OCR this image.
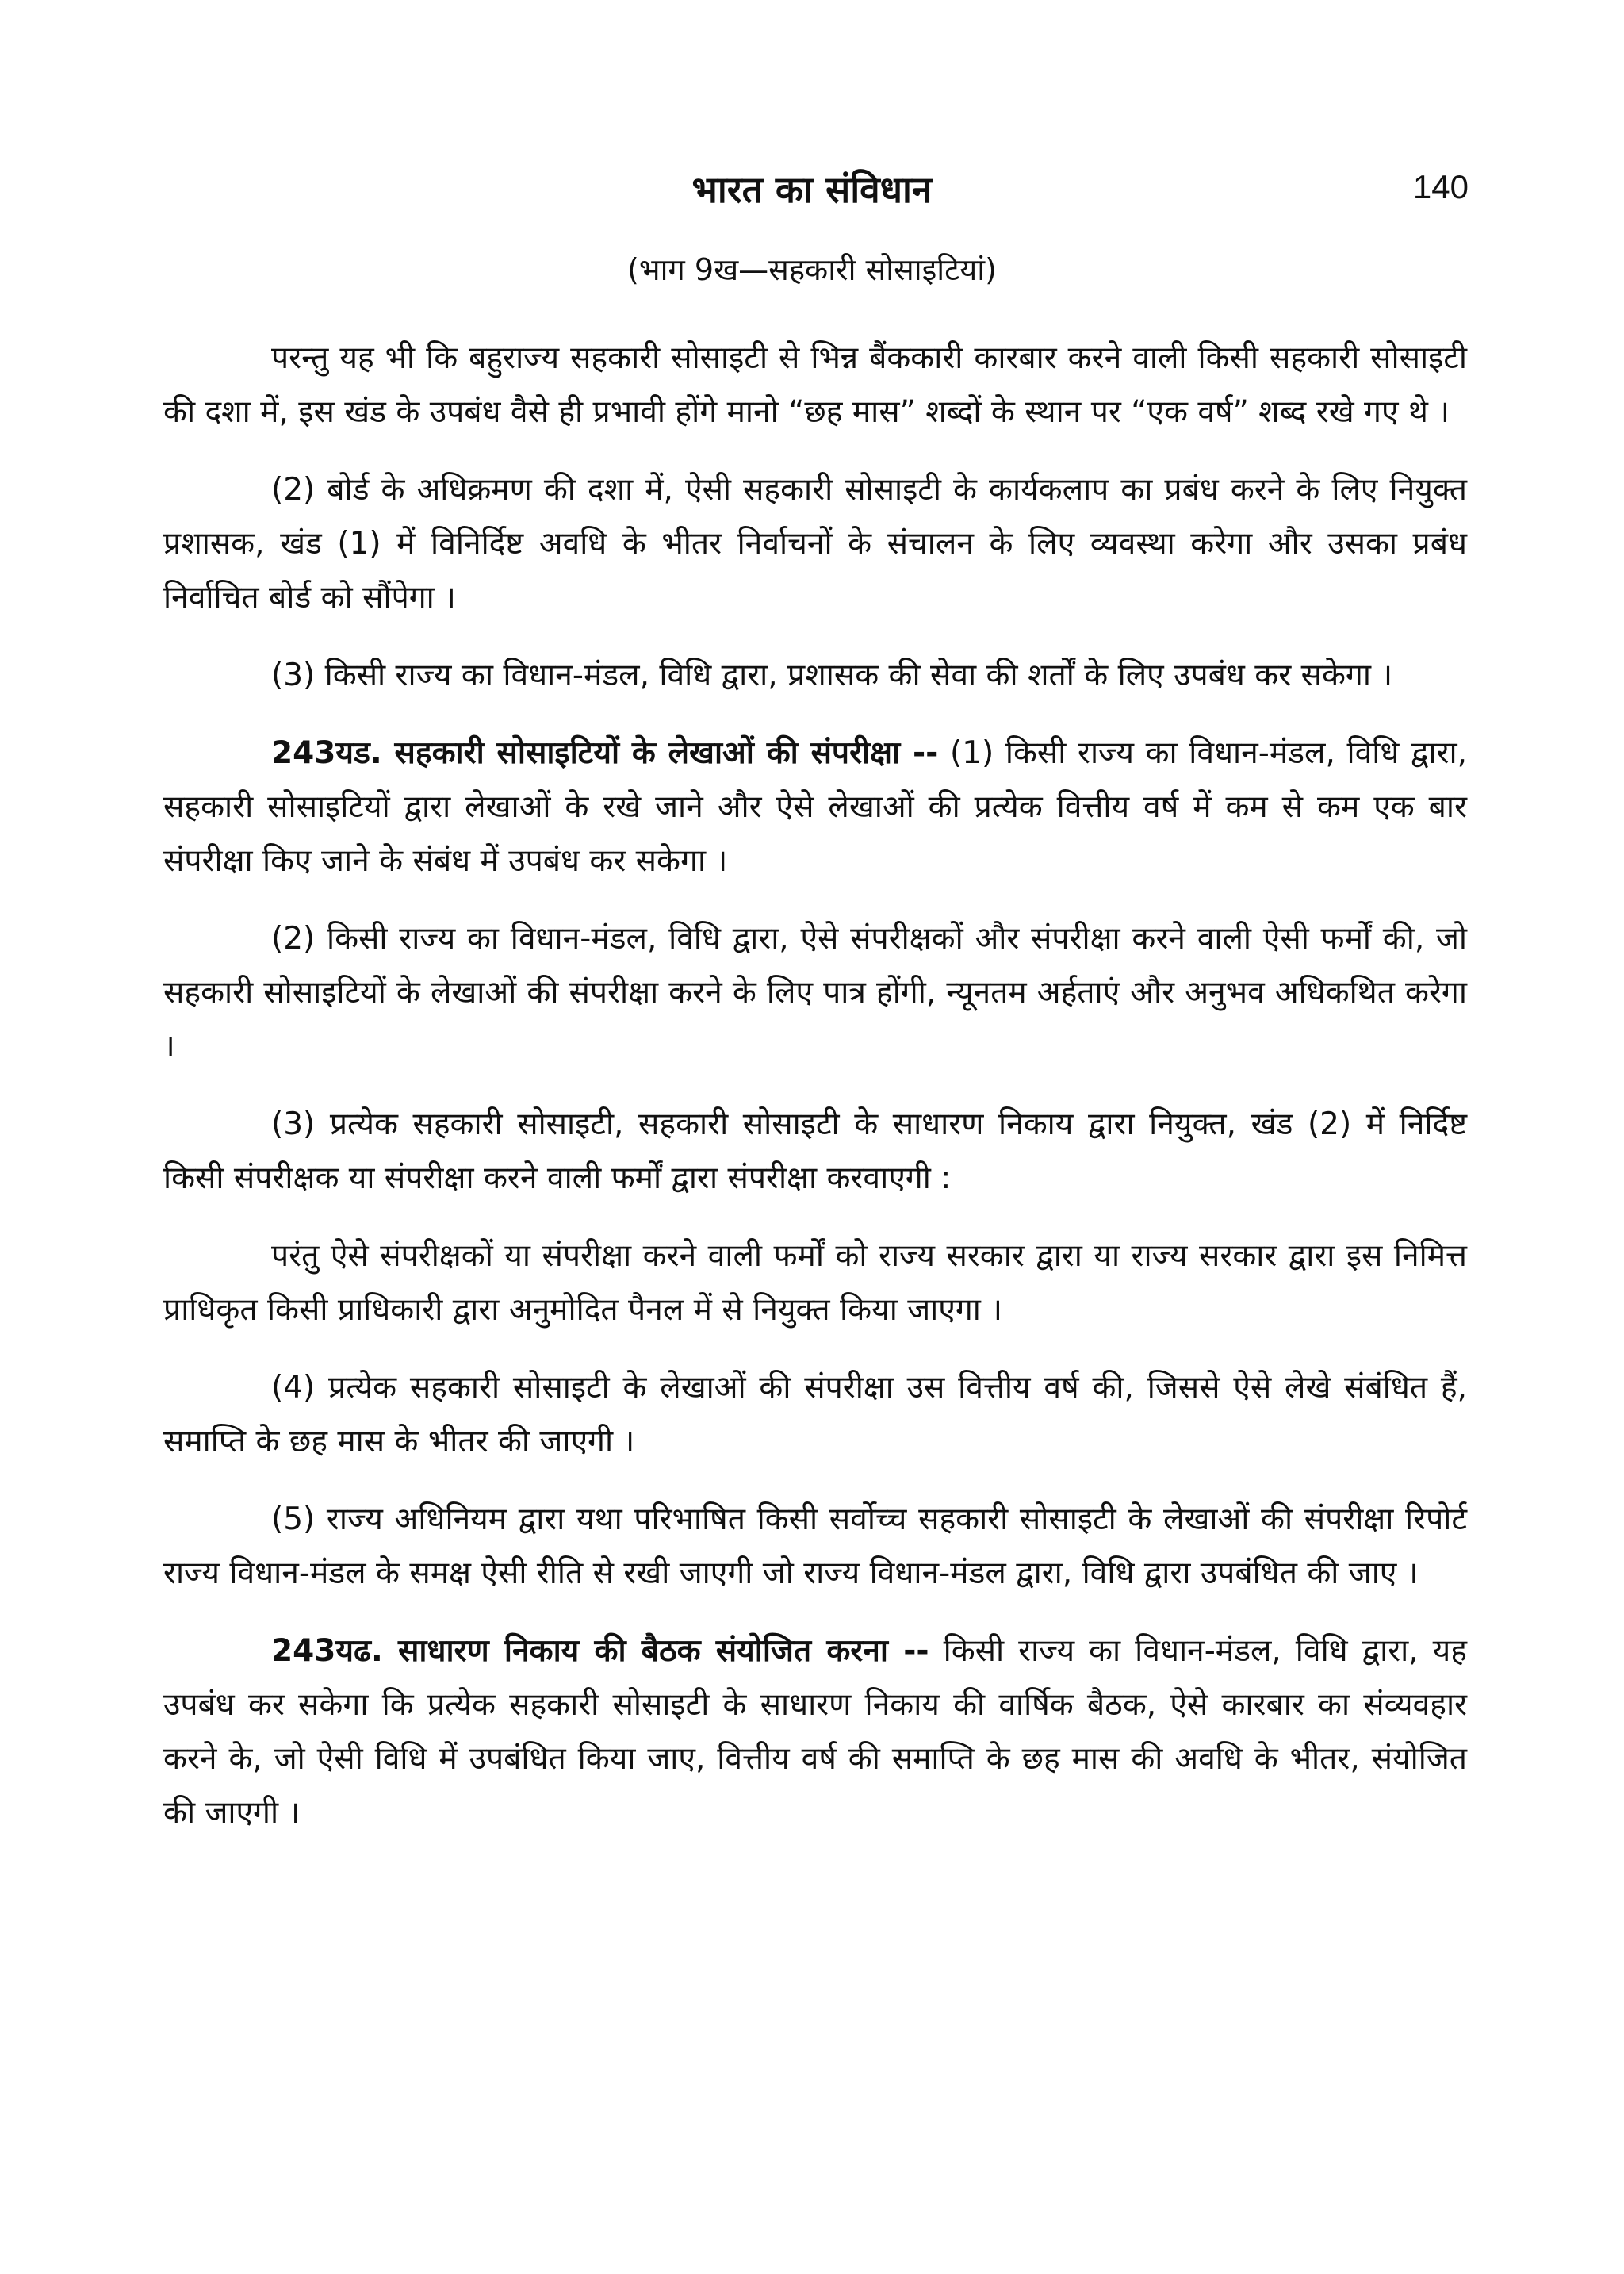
140
भारत का संविधान
(भाग 9ख—सहकारी सोसाइटियां)

परन्तु यह भी कि बहुराज्य सहकारी सोसाइटी से भिन्न बैंककारी कारबार करने वाली किसी सहकारी सोसाइटी की दशा में, इस खंड के उपबंध वैसे ही प्रभावी होंगे मानो “छह मास” शब्दों के स्थान पर “एक वर्ष” शब्द रखे गए थे ।

(2) बोर्ड के अधिक्रमण की दशा में, ऐसी सहकारी सोसाइटी के कार्यकलाप का प्रबंध करने के लिए नियुक्त प्रशासक, खंड (1) में विनिर्दिष्ट अवधि के भीतर निर्वाचनों के संचालन के लिए व्यवस्था करेगा और उसका प्रबंध निर्वाचित बोर्ड को सौंपेगा ।

(3) किसी राज्य का विधान-मंडल, विधि द्वारा, प्रशासक की सेवा की शर्तों के लिए उपबंध कर सकेगा ।

243यड. सहकारी सोसाइटियों के लेखाओं की संपरीक्षा -- (1) किसी राज्य का विधान-मंडल, विधि द्वारा, सहकारी सोसाइटियों द्वारा लेखाओं के रखे जाने और ऐसे लेखाओं की प्रत्येक वित्तीय वर्ष में कम से कम एक बार संपरीक्षा किए जाने के संबंध में उपबंध कर सकेगा ।

(2) किसी राज्य का विधान-मंडल, विधि द्वारा, ऐसे संपरीक्षकों और संपरीक्षा करने वाली ऐसी फर्मों की, जो सहकारी सोसाइटियों के लेखाओं की संपरीक्षा करने के लिए पात्र होंगी, न्यूनतम अर्हताएं और अनुभव अधिकथित करेगा ।

(3) प्रत्येक सहकारी सोसाइटी, सहकारी सोसाइटी के साधारण निकाय द्वारा नियुक्त, खंड (2) में निर्दिष्ट किसी संपरीक्षक या संपरीक्षा करने वाली फर्मों द्वारा संपरीक्षा करवाएगी :

परंतु ऐसे संपरीक्षकों या संपरीक्षा करने वाली फर्मों को राज्य सरकार द्वारा या राज्य सरकार द्वारा इस निमित्त प्राधिकृत किसी प्राधिकारी द्वारा अनुमोदित पैनल में से नियुक्त किया जाएगा ।

(4) प्रत्येक सहकारी सोसाइटी के लेखाओं की संपरीक्षा उस वित्तीय वर्ष की, जिससे ऐसे लेखे संबंधित हैं, समाप्ति के छह मास के भीतर की जाएगी ।

(5) राज्य अधिनियम द्वारा यथा परिभाषित किसी सर्वोच्च सहकारी सोसाइटी के लेखाओं की संपरीक्षा रिपोर्ट राज्य विधान-मंडल के समक्ष ऐसी रीति से रखी जाएगी जो राज्य विधान-मंडल द्वारा, विधि द्वारा उपबंधित की जाए ।

243यढ. साधारण निकाय की बैठक संयोजित करना -- किसी राज्य का विधान-मंडल, विधि द्वारा, यह उपबंध कर सकेगा कि प्रत्येक सहकारी सोसाइटी के साधारण निकाय की वार्षिक बैठक, ऐसे कारबार का संव्यवहार करने के, जो ऐसी विधि में उपबंधित किया जाए, वित्तीय वर्ष की समाप्ति के छह मास की अवधि के भीतर, संयोजित की जाएगी ।
